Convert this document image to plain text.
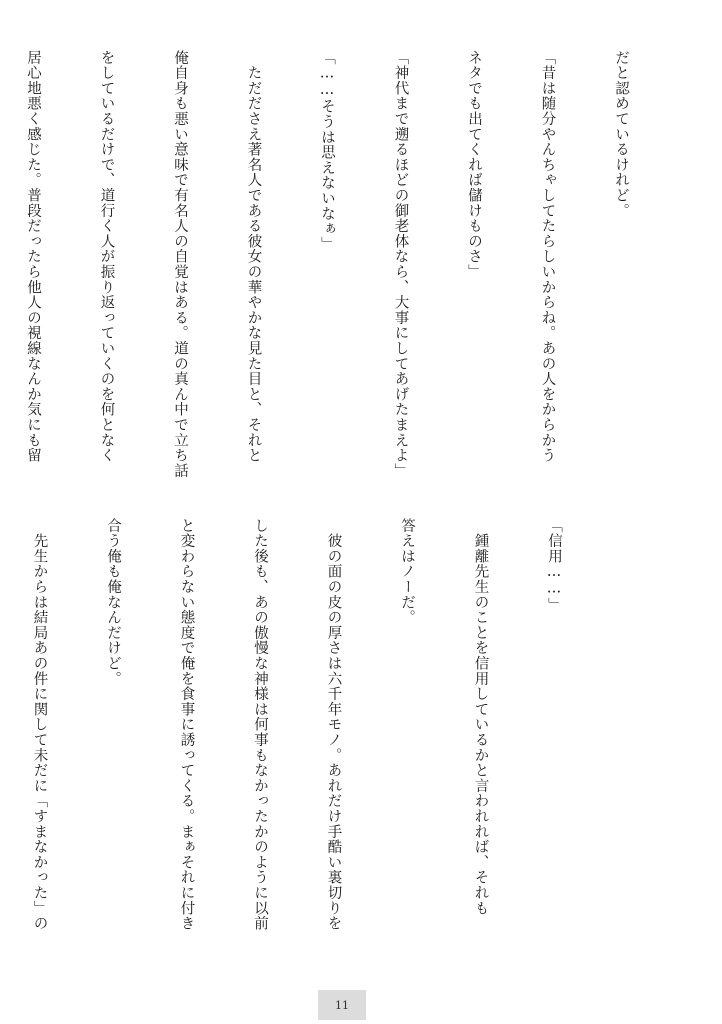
だと認めているけれど。

「昔は随分やんちゃしてたらしいからね。あの人をからかう

ネタでも出てくれば儲けものさ」

「神代まで遡るほどの御老体なら、大事にしてあげたまえよ」

「……そうは思えないなぁ」

　ただださえ著名人である彼女の華やかな見た目と、それと

俺自身も悪い意味で有名人の自覚はある。道の真ん中で立ち話

をしているだけで、道行く人が振り返っていくのを何となく

居心地悪く感じた。普段だったら他人の視線なんか気にも留

「信用……」

　鍾離先生のことを信用しているかと言われれば、それも

答えはノーだ。

　彼の面の皮の厚さは六千年モノ。あれだけ手酷い裏切りを

した後も、あの傲慢な神様は何事もなかったかのように以前

と変わらない態度で俺を食事に誘ってくる。まぁそれに付き

合う俺も俺なんだけど。

　先生からは結局あの件に関して未だに「すまなかった」の

11
